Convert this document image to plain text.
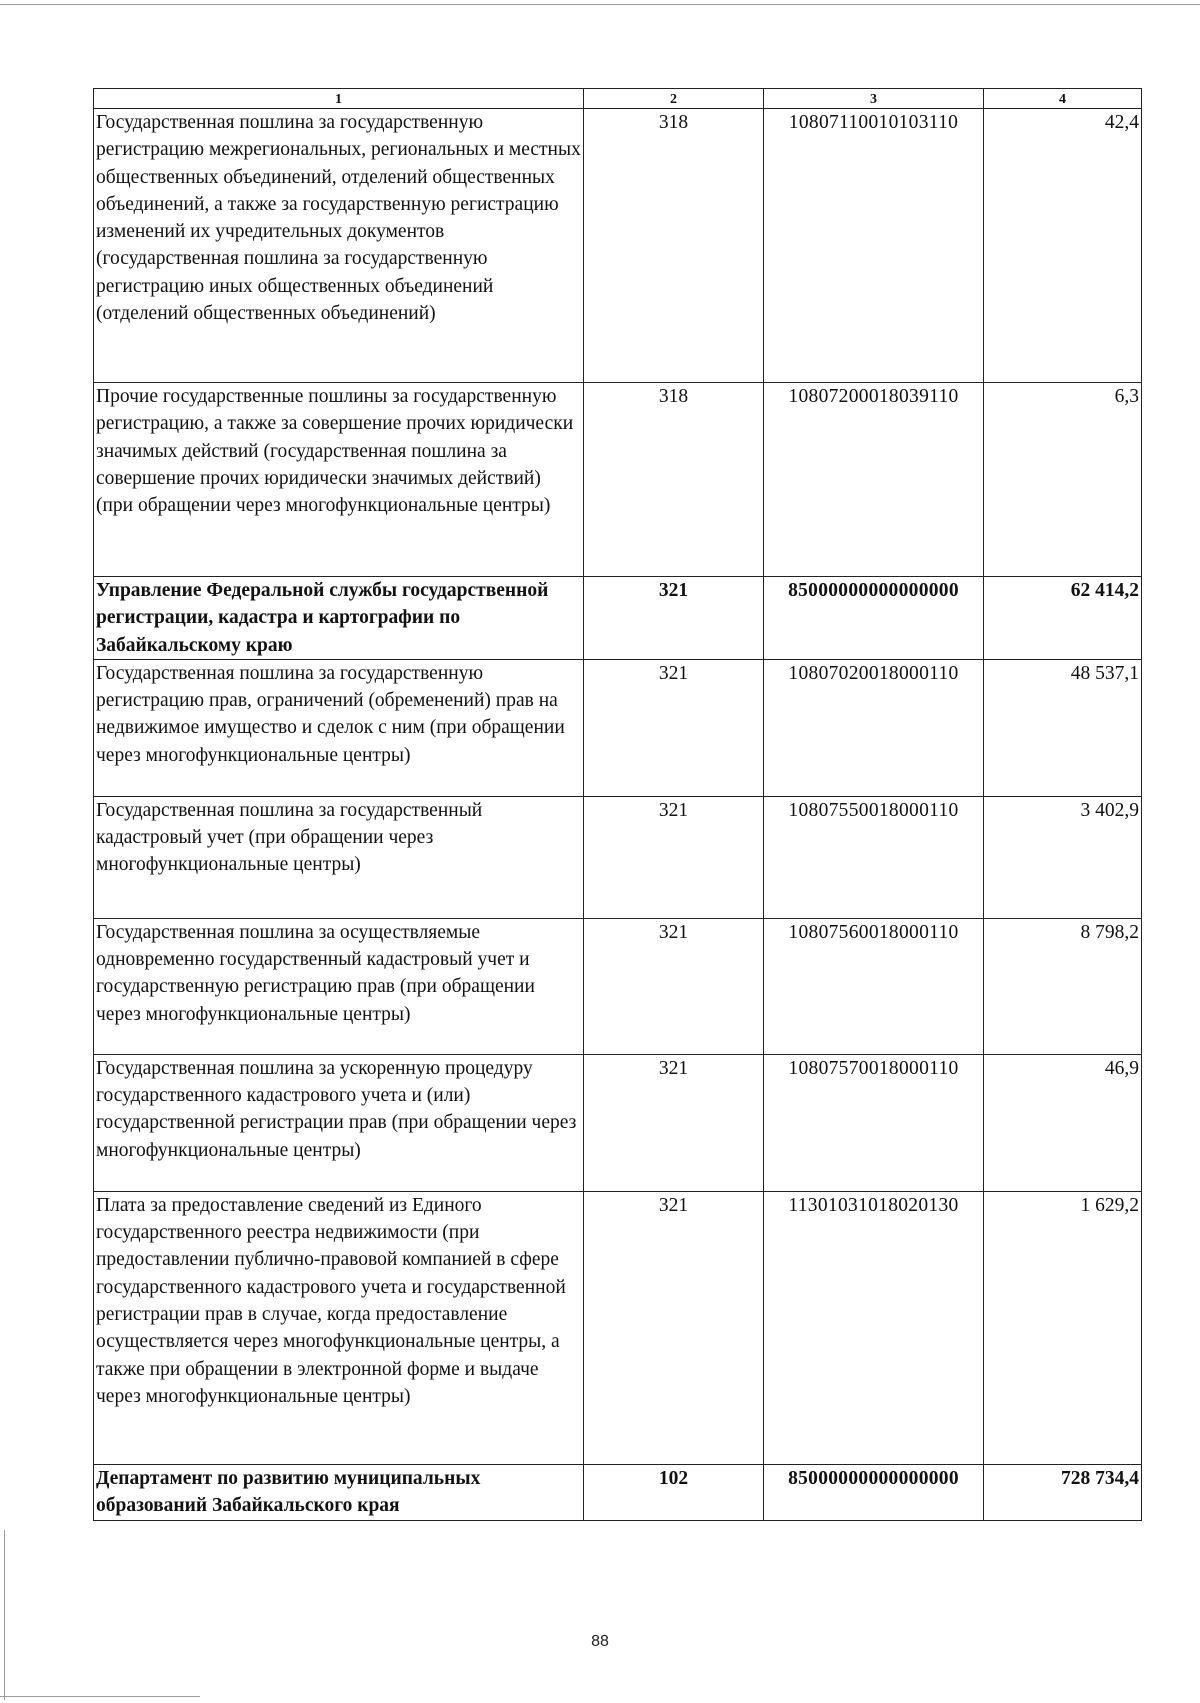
1	2	3	4
Государственная пошлина за государственную регистрацию межрегиональных, региональных и местных общественных объединений, отделений общественных объединений, а также за государственную регистрацию изменений их учредительных документов (государственная пошлина за государственную регистрацию иных общественных объединений (отделений общественных объединений)	318	10807110010103110	42,4
Прочие государственные пошлины за государственную регистрацию, а также за совершение прочих юридически значимых действий (государственная пошлина за совершение прочих юридически значимых действий) (при обращении через многофункциональные центры)	318	10807200018039110	6,3
Управление Федеральной службы государственной регистрации, кадастра и картографии по Забайкальскому краю	321	85000000000000000	62 414,2
Государственная пошлина за государственную регистрацию прав, ограничений (обременений) прав на недвижимое имущество и сделок с ним (при обращении через многофункциональные центры)	321	10807020018000110	48 537,1
Государственная пошлина за государственный кадастровый учет (при обращении через многофункциональные центры)	321	10807550018000110	3 402,9
Государственная пошлина за осуществляемые одновременно государственный кадастровый учет и государственную регистрацию прав (при обращении через многофункциональные центры)	321	10807560018000110	8 798,2
Государственная пошлина за ускоренную процедуру государственного кадастрового учета и (или) государственной регистрации прав (при обращении через многофункциональные центры)	321	10807570018000110	46,9
Плата за предоставление сведений из Единого государственного реестра недвижимости (при предоставлении публично-правовой компанией в сфере государственного кадастрового учета и государственной регистрации прав в случае, когда предоставление осуществляется через многофункциональные центры, а также при обращении в электронной форме и выдаче через многофункциональные центры)	321	11301031018020130	1 629,2
Департамент по развитию муниципальных образований Забайкальского края	102	85000000000000000	728 734,4
88
